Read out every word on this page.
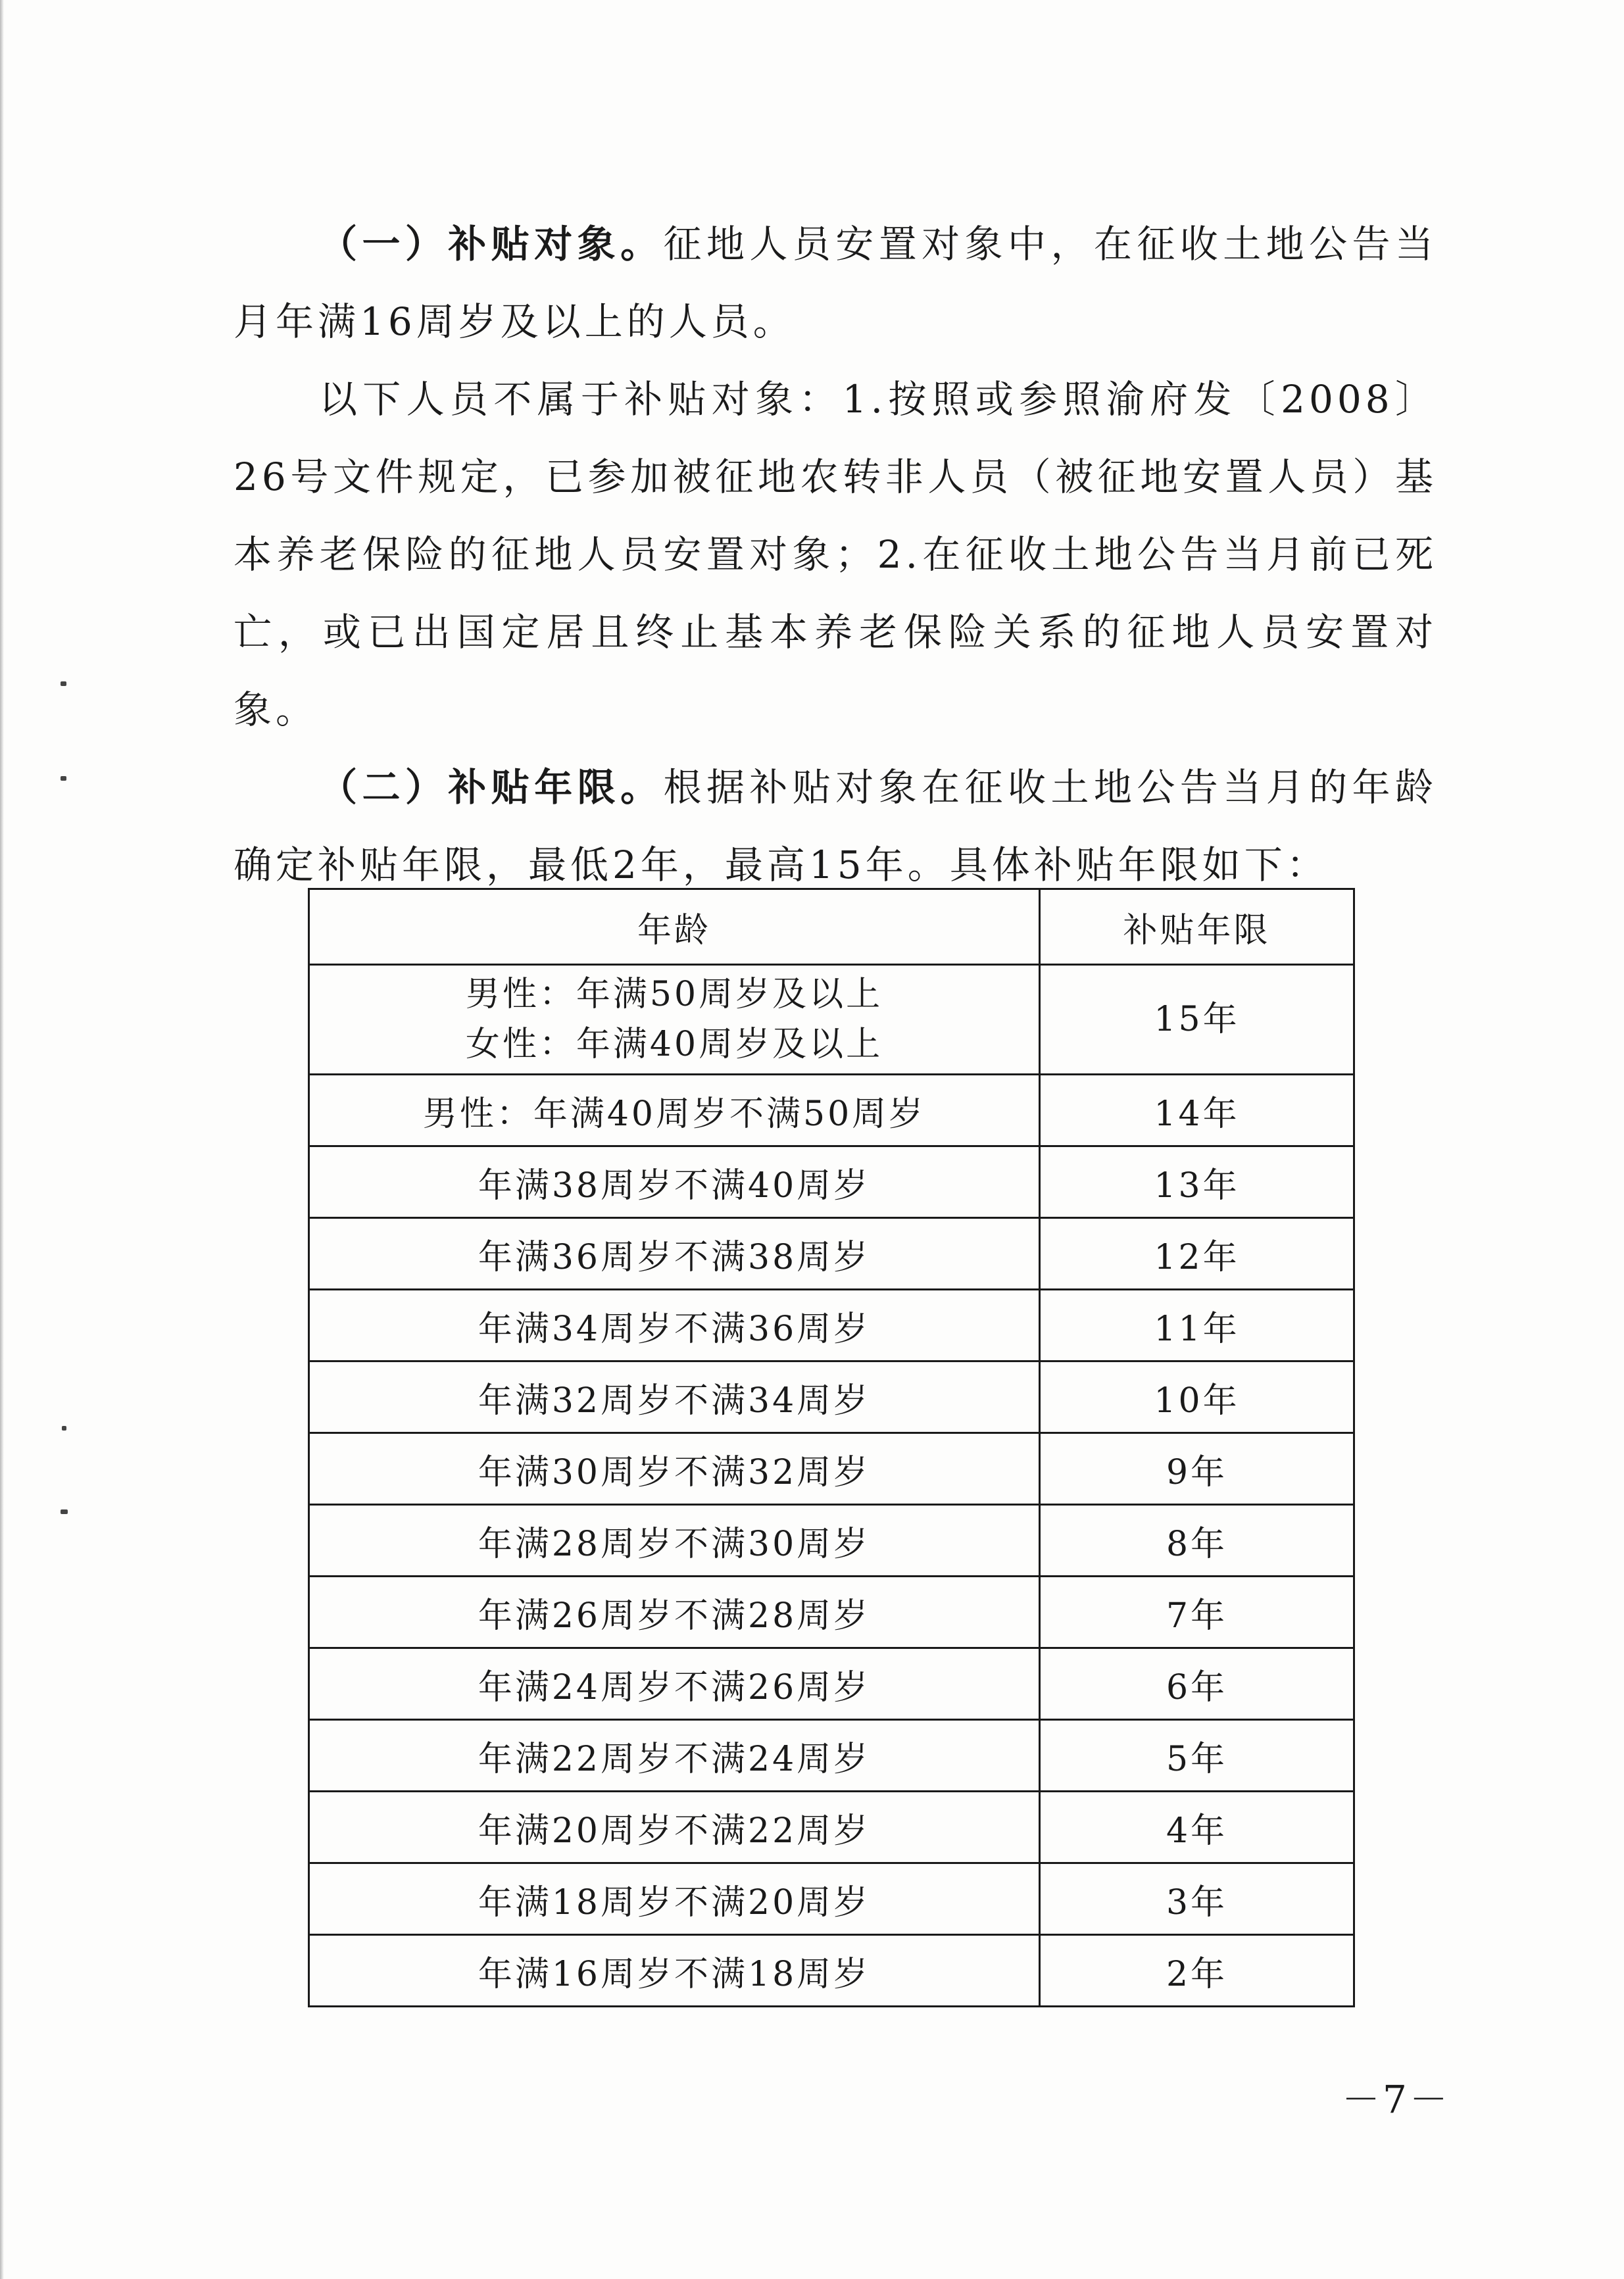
（一）补贴对象。征地人员安置对象中，在征收土地公告当月年满16周岁及以上的人员。

以下人员不属于补贴对象：1.按照或参照渝府发〔2008〕26号文件规定，已参加被征地农转非人员（被征地安置人员）基本养老保险的征地人员安置对象；2.在征收土地公告当月前已死亡，或已出国定居且终止基本养老保险关系的征地人员安置对象。

（二）补贴年限。根据补贴对象在征收土地公告当月的年龄确定补贴年限，最低2年，最高15年。具体补贴年限如下：

年龄	补贴年限

男性：年满50周岁及以上
女性：年满40周岁及以上	15年
男性：年满40周岁不满50周岁	14年
年满38周岁不满40周岁	13年
年满36周岁不满38周岁	12年
年满34周岁不满36周岁	11年
年满32周岁不满34周岁	10年
年满30周岁不满32周岁	9年
年满28周岁不满30周岁	8年
年满26周岁不满28周岁	7年
年满24周岁不满26周岁	6年
年满22周岁不满24周岁	5年
年满20周岁不满22周岁	4年
年满18周岁不满20周岁	3年
年满16周岁不满18周岁	2年
－7－
